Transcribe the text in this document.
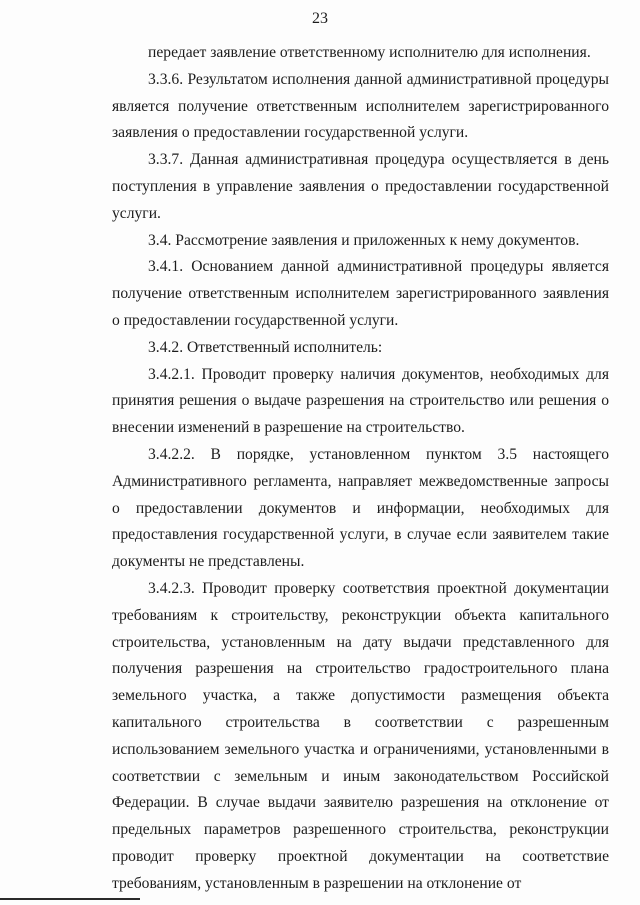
23

передает заявление ответственному исполнителю для исполнения.

3.3.6. Результатом исполнения данной административной процедуры является получение ответственным исполнителем зарегистрированного заявления о предоставлении государственной услуги.

3.3.7. Данная административная процедура осуществляется в день поступления в управление заявления о предоставлении государственной услуги.

3.4. Рассмотрение заявления и приложенных к нему документов.

3.4.1. Основанием данной административной процедуры является получение ответственным исполнителем зарегистрированного заявления о предоставлении государственной услуги.

3.4.2. Ответственный исполнитель:

3.4.2.1. Проводит проверку наличия документов, необходимых для принятия решения о выдаче разрешения на строительство или решения о внесении изменений в разрешение на строительство.

3.4.2.2. В порядке, установленном пунктом 3.5 настоящего Административного регламента, направляет межведомственные запросы о предоставлении документов и информации, необходимых для предоставления государственной услуги, в случае если заявителем такие документы не представлены.

3.4.2.3. Проводит проверку соответствия проектной документации требованиям к строительству, реконструкции объекта капитального строительства, установленным на дату выдачи представленного для получения разрешения на строительство градостроительного плана земельного участка, а также допустимости размещения объекта капитального строительства в соответствии с разрешенным использованием земельного участка и ограничениями, установленными в соответствии с земельным и иным законодательством Российской Федерации. В случае выдачи заявителю разрешения на отклонение от предельных параметров разрешенного строительства, реконструкции проводит проверку проектной документации на соответствие требованиям, установленным в разрешении на отклонение от
